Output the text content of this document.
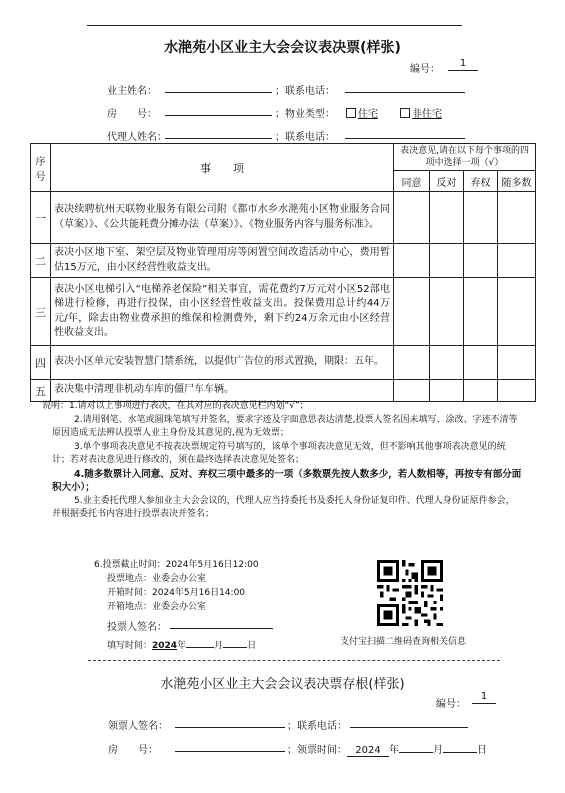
水滟苑小区业主大会会议表决票(样张)
编号：
1
业主姓名：	； 联系电话：
房　　号：	； 物业类型：	住宅	非住宅
代理人姓名：	； 联系电话：
序号	事　　项	表决意见,请在以下每个事项的四项中选择一项（√）			
		同意	反对	弃权	随多数
一	表决续聘杭州天联物业服务有限公司附《都市水乡水滟苑小区物业服务合同（草案）》、《公共能耗费分摊办法（草案）》、《物业服务内容与服务标准》。				
二	表决小区地下室、架空层及物业管理用房等闲置空间改造活动中心，费用暂估15万元，由小区经营性收益支出。				
三	表决小区电梯引入“电梯养老保险”相关事宜，需花费约7万元对小区52部电梯进行检修，再进行投保，由小区经营性收益支出。投保费用总计约44万元/年，除去由物业费承担的维保和检测费外，剩下约24万余元由小区经营性收益支出。				
四	表决小区单元安装智慧门禁系统，以提供广告位的形式置换，期限：五年。				
五	表决集中清理非机动车库的僵尸车车辆。				

说明：1.请对以上事项进行表决，在其对应的表决意见栏内划“√”；

2.请用钢笔、水笔或圆珠笔填写并签名，要求字迹及字面意思表达清楚,投票人签名因未填写、涂改、字迹不清等原因造成无法辨认投票人业主身份及其意见的,视为无效票；

3.单个事项表决意见不按表决票规定符号填写的，该单个事项表决意见无效，但不影响其他事项表决意见的统计；若对表决意见进行修改的，须在最终选择表决意见处签名；

4.随多数票计入同意、反对、弃权三项中最多的一项（多数票先按人数多少，若人数相等，再按专有部分面积大小）；

5.业主委托代理人参加业主大会会议的，代理人应当持委托书及委托人身份证复印件、代理人身份证原件参会，并根据委托书内容进行投票表决并签名；

6.投票截止时间：2024年5月16日12:00
投票地点：业委会办公室
开箱时间：2024年5月16日14:00
开箱地点：业委会办公室
投票人签名：
填写时间：2024年	月	日	支付宝扫描二维码查询相关信息
水滟苑小区业主大会会议表决票存根(样张)
编号：
1
领票人签名：	； 联系电话：
房　　号：	； 领票时间： 2024 年	月	日
